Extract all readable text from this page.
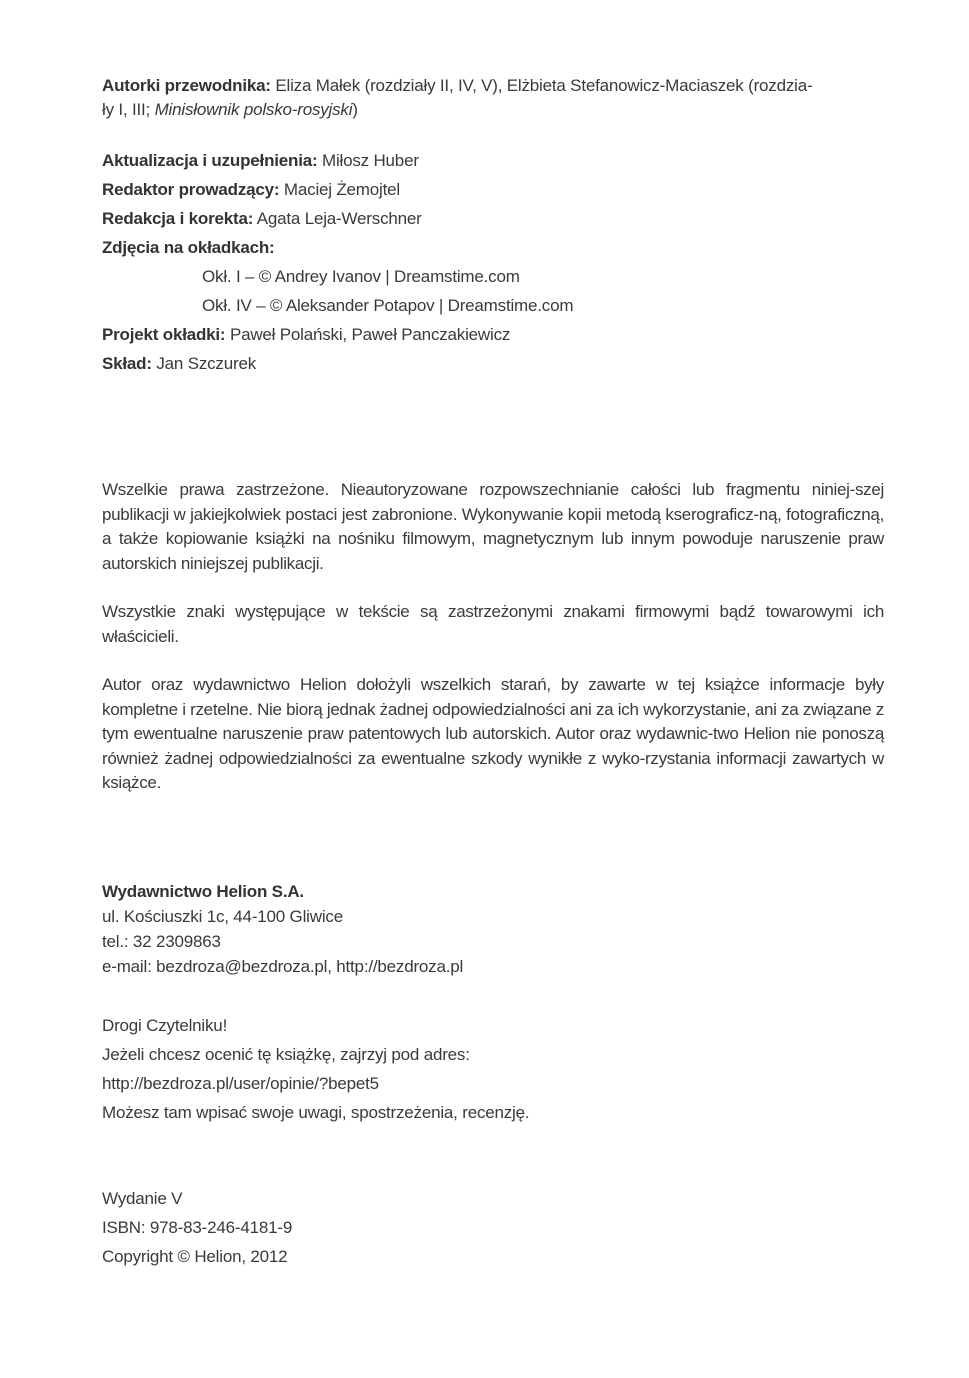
Autorki przewodnika: Eliza Małek (rozdziały II, IV, V), Elżbieta Stefanowicz-Maciaszek (rozdzia-
ły I, III; Minisłownik polsko-rosyjski)
Aktualizacja i uzupełnienia: Miłosz Huber
Redaktor prowadzący: Maciej Żemojtel
Redakcja i korekta: Agata Leja-Werschner
Zdjęcia na okładkach:
Okł. I – © Andrey Ivanov | Dreamstime.com
Okł. IV – © Aleksander Potapov | Dreamstime.com
Projekt okładki: Paweł Polański, Paweł Panczakiewicz
Skład: Jan Szczurek

Wszelkie prawa zastrzeżone. Nieautoryzowane rozpowszechnianie całości lub fragmentu niniej-szej publikacji w jakiejkolwiek postaci jest zabronione. Wykonywanie kopii metodą kserograficz-ną, fotograficzną, a także kopiowanie książki na nośniku filmowym, magnetycznym lub innym powoduje naruszenie praw autorskich niniejszej publikacji.

Wszystkie znaki występujące w tekście są zastrzeżonymi znakami firmowymi bądź towarowymi ich właścicieli.

Autor oraz wydawnictwo Helion dołożyli wszelkich starań, by zawarte w tej książce informacje były kompletne i rzetelne. Nie biorą jednak żadnej odpowiedzialności ani za ich wykorzystanie, ani za związane z tym ewentualne naruszenie praw patentowych lub autorskich. Autor oraz wydawnic-two Helion nie ponoszą również żadnej odpowiedzialności za ewentualne szkody wynikłe z wyko-rzystania informacji zawartych w książce.

Wydawnictwo Helion S.A.
ul. Kościuszki 1c, 44-100 Gliwice
tel.: 32 2309863
e-mail: bezdroza@bezdroza.pl, http://bezdroza.pl
Drogi Czytelniku!
Jeżeli chcesz ocenić tę książkę, zajrzyj pod adres:
http://bezdroza.pl/user/opinie/?bepet5
Możesz tam wpisać swoje uwagi, spostrzeżenia, recenzję.
Wydanie V
ISBN: 978-83-246-4181-9
Copyright © Helion, 2012
